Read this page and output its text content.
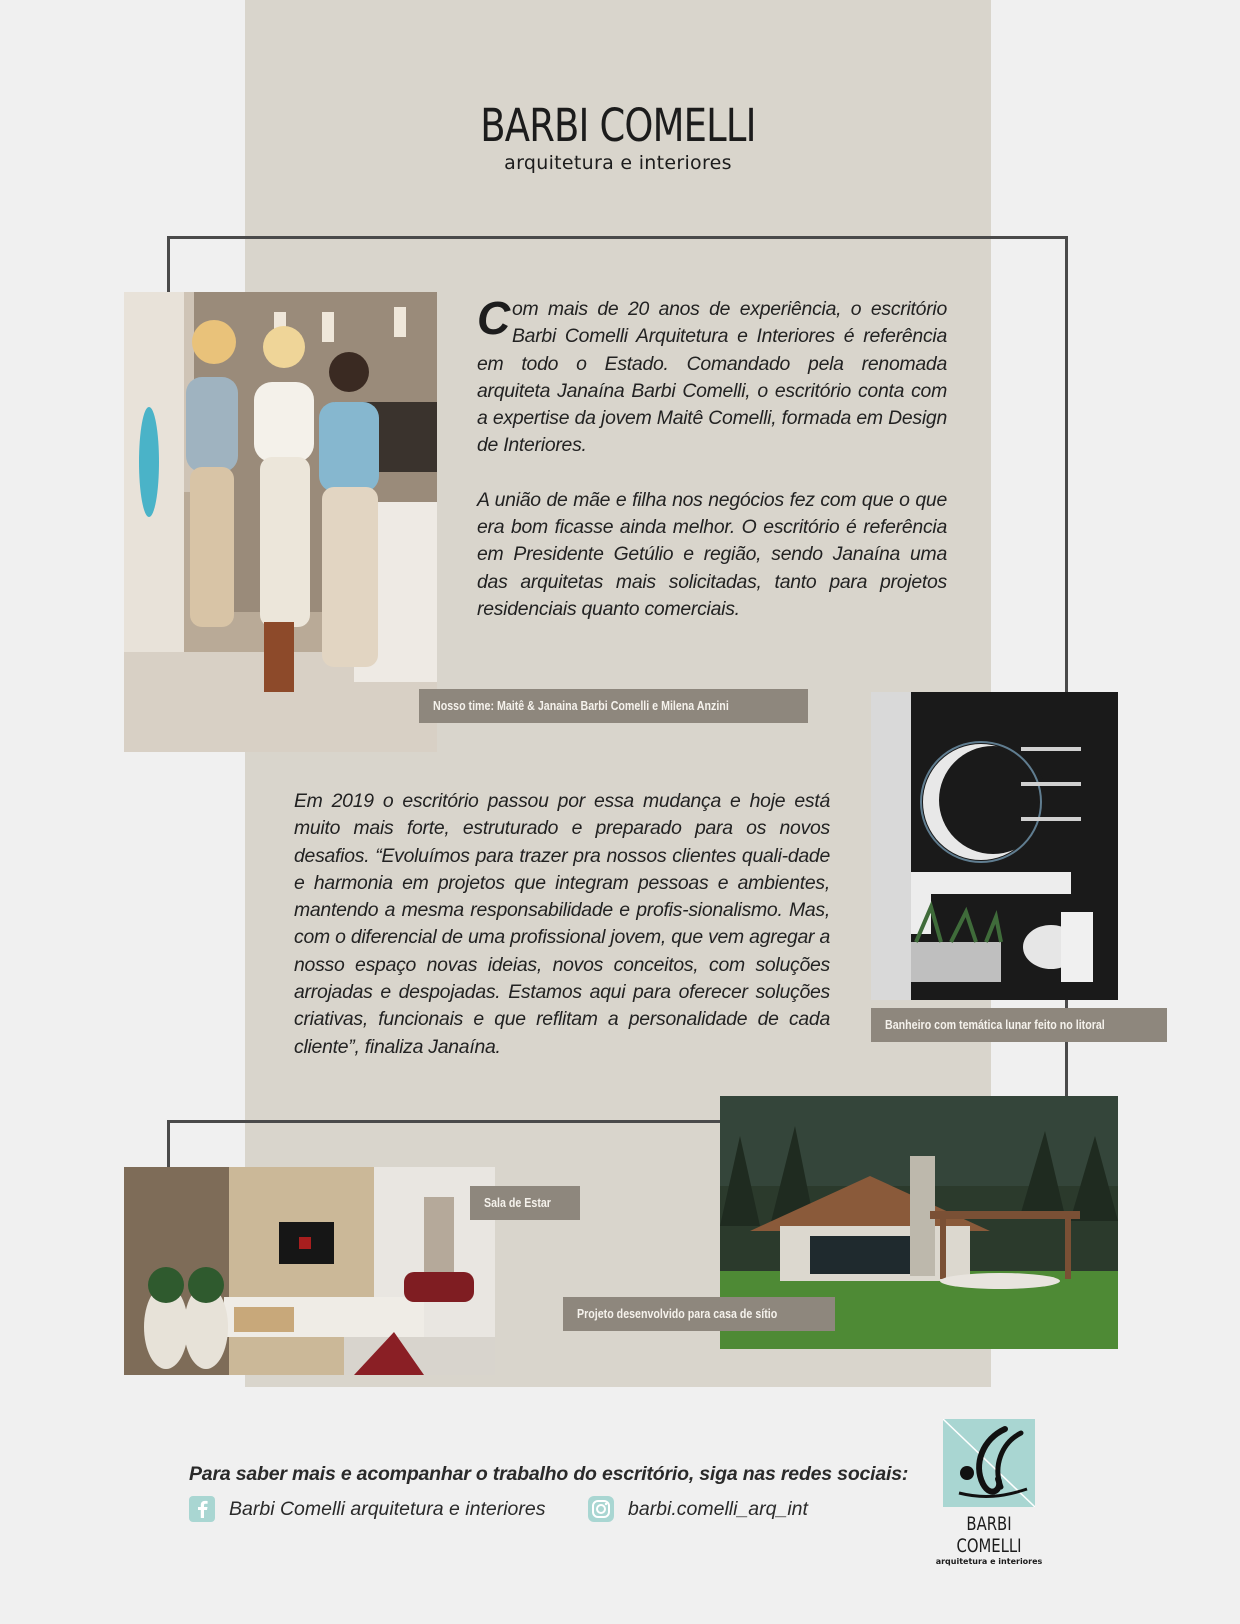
BARBI COMELLI
arquitetura e interiores

Com mais de 20 anos de experiência, o escritório Barbi Comelli Arquitetura e Interiores é referência em todo o Estado. Comandado pela renomada arquiteta Janaína Barbi Comelli, o escritório conta com a expertise da jovem Maitê Comelli, formada em Design de Interiores.

A união de mãe e filha nos negócios fez com que o que era bom ficasse ainda melhor. O escritório é referência em Presidente Getúlio e região, sendo Janaína uma das arquitetas mais solicitadas, tanto para projetos residenciais quanto comerciais.

Nosso time: Maitê & Janaina Barbi Comelli e Milena Anzini
Banheiro com temática lunar feito no litoral

Em 2019 o escritório passou por essa mudança e hoje está muito mais forte, estruturado e preparado para os novos desafios. “Evoluímos para trazer pra nossos clientes quali-dade e harmonia em projetos que integram pessoas e ambientes, mantendo a mesma responsabilidade e profis-sionalismo. Mas, com o diferencial de uma profissional jovem, que vem agregar a nosso espaço novas ideias, novos conceitos, com soluções arrojadas e despojadas. Estamos aqui para oferecer soluções criativas, funcionais e que reflitam a personalidade de cada cliente”, finaliza Janaína.

Sala de Estar
Projeto desenvolvido para casa de sítio
Para saber mais e acompanhar o trabalho do escritório, siga nas redes sociais:
Barbi Comelli arquitetura e interiores	barbi.comelli_arq_int
BARBI COMELLI
arquitetura e interiores
